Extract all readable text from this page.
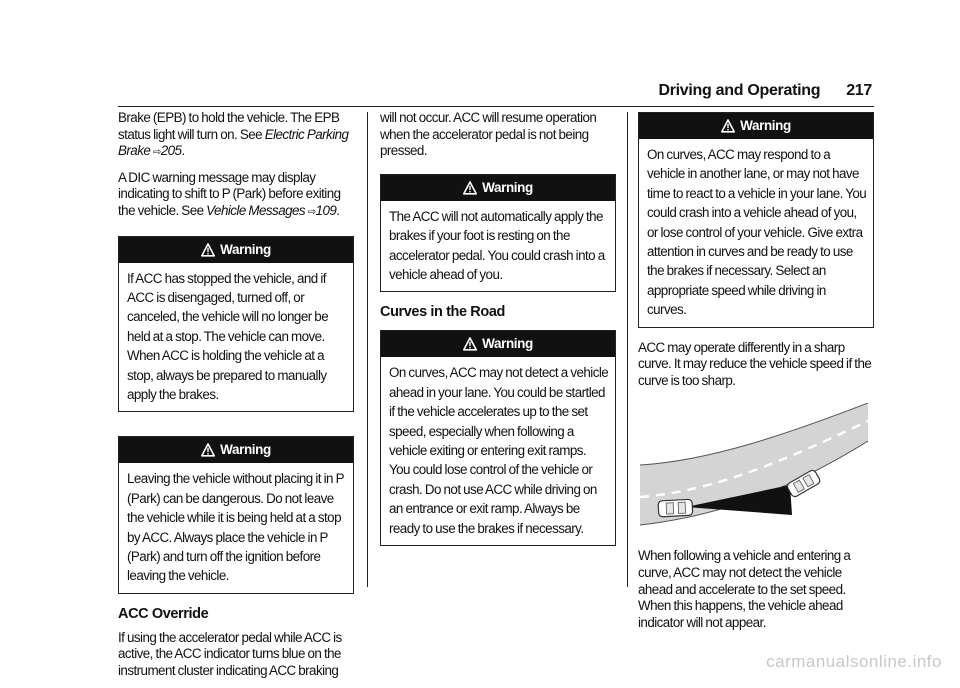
Driving and Operating 217

Brake (EPB) to hold the vehicle. The EPB status light will turn on. See Electric Parking Brake ⇨205.

A DIC warning message may display indicating to shift to P (Park) before exiting the vehicle. See Vehicle Messages ⇨109.

Warning
If ACC has stopped the vehicle, and if ACC is disengaged, turned off, or canceled, the vehicle will no longer be held at a stop. The vehicle can move. When ACC is holding the vehicle at a stop, always be prepared to manually apply the brakes.
Warning
Leaving the vehicle without placing it in P (Park) can be dangerous. Do not leave the vehicle while it is being held at a stop by ACC. Always place the vehicle in P (Park) and turn off the ignition before leaving the vehicle.
ACC Override

If using the accelerator pedal while ACC is active, the ACC indicator turns blue on the instrument cluster indicating ACC braking

will not occur. ACC will resume operation when the accelerator pedal is not being pressed.

Warning
The ACC will not automatically apply the brakes if your foot is resting on the accelerator pedal. You could crash into a vehicle ahead of you.
Curves in the Road
Warning
On curves, ACC may not detect a vehicle ahead in your lane. You could be startled if the vehicle accelerates up to the set speed, especially when following a vehicle exiting or entering exit ramps. You could lose control of the vehicle or crash. Do not use ACC while driving on an entrance or exit ramp. Always be ready to use the brakes if necessary.
Warning
On curves, ACC may respond to a vehicle in another lane, or may not have time to react to a vehicle in your lane. You could crash into a vehicle ahead of you, or lose control of your vehicle. Give extra attention in curves and be ready to use the brakes if necessary. Select an appropriate speed while driving in curves.

ACC may operate differently in a sharp curve. It may reduce the vehicle speed if the curve is too sharp.

When following a vehicle and entering a curve, ACC may not detect the vehicle ahead and accelerate to the set speed. When this happens, the vehicle ahead indicator will not appear.

carmanualsonline.info
